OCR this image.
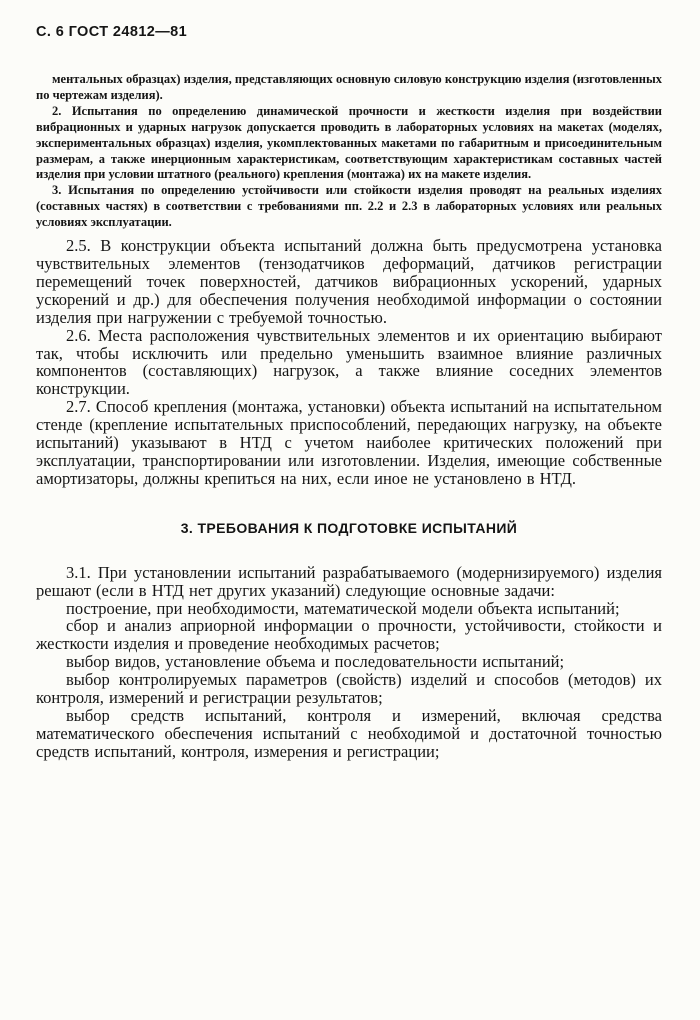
С. 6 ГОСТ 24812—81

ментальных образцах) изделия, представляющих основную силовую конструкцию изделия (изготовленных по чертежам изделия).

2. Испытания по определению динамической прочности и жесткости изделия при воздействии вибрационных и ударных нагрузок допускается проводить в лабораторных условиях на макетах (моделях, экспериментальных образцах) изделия, укомплектованных макетами по габаритным и присоединительным размерам, а также инерционным характеристикам, соответствующим характеристикам составных частей изделия при условии штатного (реального) крепления (монтажа) их на макете изделия.

3. Испытания по определению устойчивости или стойкости изделия проводят на реальных изделиях (составных частях) в соответствии с требованиями пп. 2.2 и 2.3 в лабораторных условиях или реальных условиях эксплуатации.

2.5. В конструкции объекта испытаний должна быть предусмотрена установка чувствительных элементов (тензодатчиков деформаций, датчиков регистрации перемещений точек поверхностей, датчиков вибрационных ускорений, ударных ускорений и др.) для обеспечения получения необходимой информации о состоянии изделия при нагружении с требуемой точностью.

2.6. Места расположения чувствительных элементов и их ориентацию выбирают так, чтобы исключить или предельно уменьшить взаимное влияние различных компонентов (составляющих) нагрузок, а также влияние соседних элементов конструкции.

2.7. Способ крепления (монтажа, установки) объекта испытаний на испытательном стенде (крепление испытательных приспособлений, передающих нагрузку, на объекте испытаний) указывают в НТД с учетом наиболее критических положений при эксплуатации, транспортировании или изготовлении. Изделия, имеющие собственные амортизаторы, должны крепиться на них, если иное не установлено в НТД.

3. ТРЕБОВАНИЯ К ПОДГОТОВКЕ ИСПЫТАНИЙ

3.1. При установлении испытаний разрабатываемого (модернизируемого) изделия решают (если в НТД нет других указаний) следующие основные задачи:

построение, при необходимости, математической модели объекта испытаний;

сбор и анализ априорной информации о прочности, устойчивости, стойкости и жесткости изделия и проведение необходимых расчетов;

выбор видов, установление объема и последовательности испытаний;

выбор контролируемых параметров (свойств) изделий и способов (методов) их контроля, измерений и регистрации результатов;

выбор средств испытаний, контроля и измерений, включая средства математического обеспечения испытаний с необходимой и достаточной точностью средств испытаний, контроля, измерения и регистрации;
